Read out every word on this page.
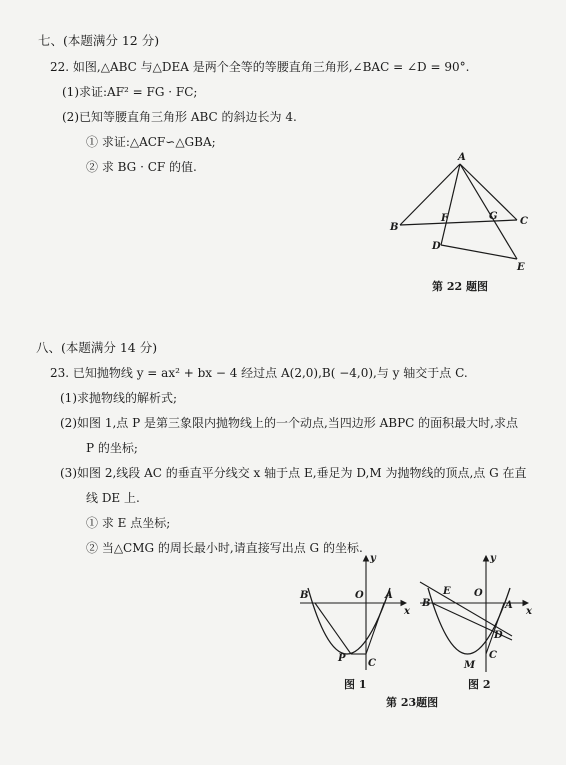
七、(本题满分 12 分)
22. 如图,△ABC 与△DEA 是两个全等的等腰直角三角形,∠BAC = ∠D = 90°.
(1)求证:AF² = FG · FC;
(2)已知等腰直角三角形 ABC 的斜边长为 4.
① 求证:△ACF∽△GBA;
② 求 BG · CF 的值.
A
B
C
D
E
F	G
第 22 题图
八、(本题满分 14 分)
23. 已知抛物线 y = ax² + bx − 4 经过点 A(2,0),B( −4,0),与 y 轴交于点 C.
(1)求抛物线的解析式;
(2)如图 1,点 P 是第三象限内抛物线上的一个动点,当四边形 ABPC 的面积最大时,求点
P 的坐标;
(3)如图 2,线段 AC 的垂直平分线交 x 轴于点 E,垂足为 D,M 为抛物线的顶点,点 G 在直
线 DE 上.
① 求 E 点坐标;
② 当△CMG 的周长最小时,请直接写出点 G 的坐标.
y
x
O A
B
C
P
图 1
y
x
O
A
B
C
D
E
M
图 2
第 23题图
